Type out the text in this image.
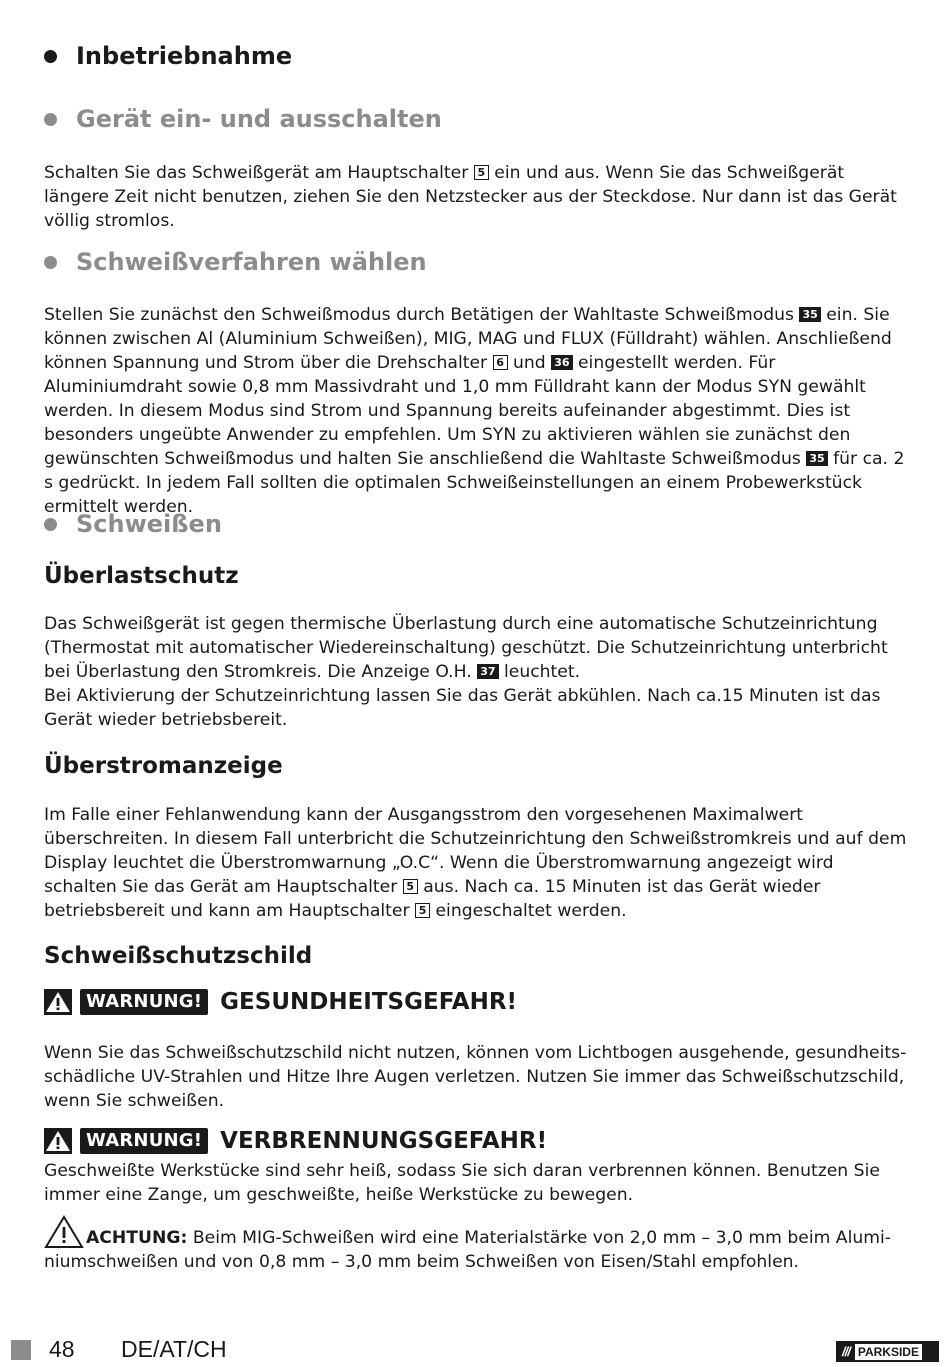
Inbetriebnahme
Gerät ein- und ausschalten

Schalten Sie das Schweißgerät am Hauptschalter 5 ein und aus. Wenn Sie das Schweißgerät längere Zeit nicht benutzen, ziehen Sie den Netzstecker aus der Steckdose. Nur dann ist das Gerät völlig stromlos.

Schweißverfahren wählen

Stellen Sie zunächst den Schweißmodus durch Betätigen der Wahltaste Schweißmodus 35 ein. Sie können zwischen Al (Aluminium Schweißen), MIG, MAG und FLUX (Fülldraht) wählen. Anschließend können Spannung und Strom über die Drehschalter 6 und 36 eingestellt werden. Für Aluminiumdraht sowie 0,8 mm Massivdraht und 1,0 mm Fülldraht kann der Modus SYN gewählt werden. In diesem Modus sind Strom und Spannung bereits aufeinander abgestimmt. Dies ist besonders ungeübte Anwender zu empfehlen. Um SYN zu aktivieren wählen sie zunächst den gewünschten Schweißmodus und halten Sie anschließend die Wahltaste Schweißmodus 35 für ca. 2 s gedrückt. In jedem Fall sollten die optimalen Schweißeinstellungen an einem Probewerkstück ermittelt werden.

Schweißen
Überlastschutz

Das Schweißgerät ist gegen thermische Überlastung durch eine automatische Schutzeinrichtung (Thermostat mit automatischer Wiedereinschaltung) geschützt. Die Schutzeinrichtung unterbricht bei Überlastung den Stromkreis. Die Anzeige O.H. 37 leuchtet.

Bei Aktivierung der Schutzeinrichtung lassen Sie das Gerät abkühlen. Nach ca.15 Minuten ist das Gerät wieder betriebsbereit.

Überstromanzeige

Im Falle einer Fehlanwendung kann der Ausgangsstrom den vorgesehenen Maximalwert überschreiten. In diesem Fall unterbricht die Schutzeinrichtung den Schweißstromkreis und auf dem Display leuchtet die Überstromwarnung „O.C“. Wenn die Überstromwarnung angezeigt wird schalten Sie das Gerät am Hauptschalter 5 aus. Nach ca. 15 Minuten ist das Gerät wieder betriebsbereit und kann am Hauptschalter 5 eingeschaltet werden.

Schweißschutzschild
WARNUNG! GESUNDHEITSGEFAHR!
Wenn Sie das Schweißschutzschild nicht nutzen, können vom Lichtbogen ausgehende, gesundheitsschädliche UV-Strahlen und Hitze Ihre Augen verletzen. Nutzen Sie immer das Schweißschutzschild, wenn Sie schweißen.
WARNUNG! VERBRENNUNGSGEFAHR!
Geschweißte Werkstücke sind sehr heiß, sodass Sie sich daran verbrennen können. Benutzen Sie immer eine Zange, um geschweißte, heiße Werkstücke zu bewegen.

ACHTUNG: Beim MIG-Schweißen wird eine Materialstärke von 2,0 mm – 3,0 mm beim Aluminiumschweißen und von 0,8 mm – 3,0 mm beim Schweißen von Eisen/Stahl empfohlen.

48 DE/AT/CH	/// PARKSIDE
